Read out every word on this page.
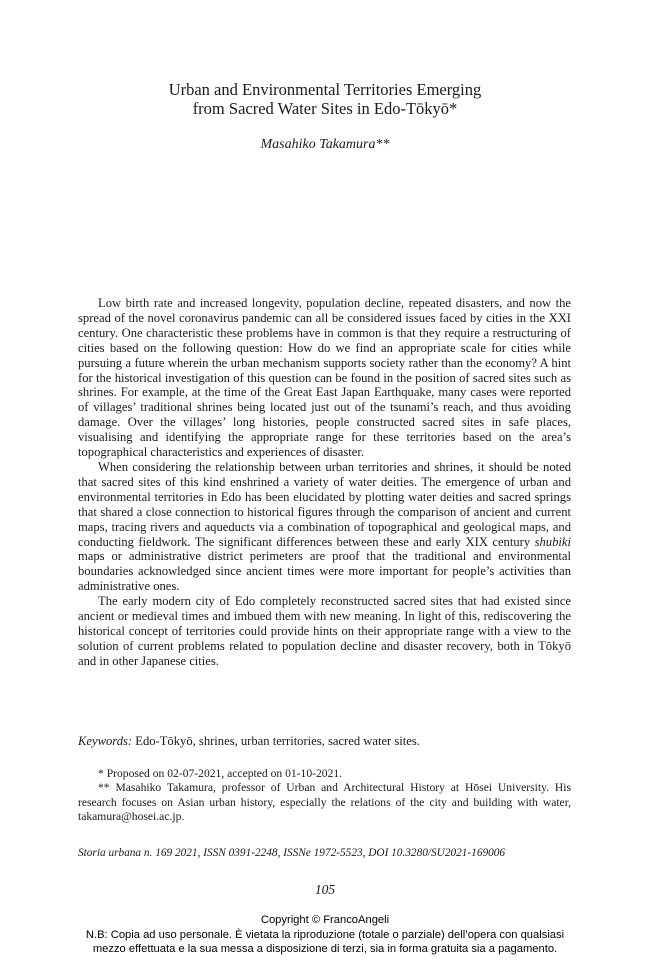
Urban and Environmental Territories Emerging
from Sacred Water Sites in Edo-Tōkyō*

Masahiko Takamura**

Low birth rate and increased longevity, population decline, repeated disasters, and now the spread of the novel coronavirus pandemic can all be considered issues faced by cities in the XXI century. One characteristic these problems have in common is that they require a restructuring of cities based on the following question: How do we find an appropriate scale for cities while pursuing a future wherein the urban mechanism supports society rather than the economy? A hint for the historical investigation of this question can be found in the position of sacred sites such as shrines. For example, at the time of the Great East Japan Earthquake, many cases were reported of villages’ traditional shrines being located just out of the tsunami’s reach, and thus avoiding damage. Over the villages’ long histories, people constructed sacred sites in safe places, visualising and identifying the appropriate range for these territories based on the area’s topographical characteristics and experiences of disaster.

When considering the relationship between urban territories and shrines, it should be noted that sacred sites of this kind enshrined a variety of water deities. The emergence of urban and environmental territories in Edo has been elucidated by plotting water deities and sacred springs that shared a close connection to historical figures through the comparison of ancient and current maps, tracing rivers and aqueducts via a combination of topographical and geological maps, and conducting fieldwork. The significant differences between these and early XIX century shubiki maps or administrative district perimeters are proof that the traditional and environmental boundaries acknowledged since ancient times were more important for people’s activities than administrative ones.

The early modern city of Edo completely reconstructed sacred sites that had existed since ancient or medieval times and imbued them with new meaning. In light of this, rediscovering the historical concept of territories could provide hints on their appropriate range with a view to the solution of current problems related to population decline and disaster recovery, both in Tōkyō and in other Japanese cities.

Keywords: Edo-Tōkyō, shrines, urban territories, sacred water sites.

* Proposed on 02-07-2021, accepted on 01-10-2021.

** Masahiko Takamura, professor of Urban and Architectural History at Hōsei University. His research focuses on Asian urban history, especially the relations of the city and building with water, takamura@hosei.ac.jp.

Storia urbana n. 169 2021, ISSN 0391-2248, ISSNe 1972-5523, DOI 10.3280/SU2021-169006

105

Copyright © FrancoAngeli
N.B: Copia ad uso personale. È vietata la riproduzione (totale o parziale) dell’opera con qualsiasi
mezzo effettuata e la sua messa a disposizione di terzi, sia in forma gratuita sia a pagamento.
